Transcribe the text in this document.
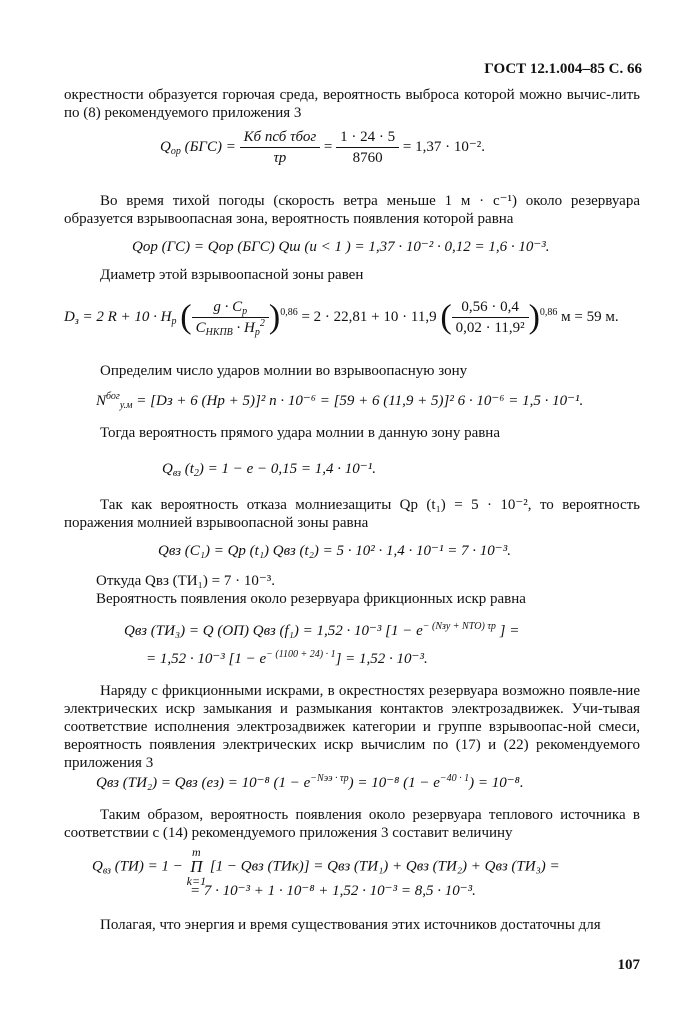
ГОСТ 12.1.004–85 С. 66
окрестности образуется горючая среда, вероятность выброса которой можно вычис-лить по (8) рекомендуемого приложения 3
$Q_{ор}$ $(БГС) = \frac{\text{Кб nсб τбог}}{\tau р} = \frac{1 \cdot 24 \cdot 5}{8760} = 1,37 \cdot 10^{-2}$.
Во время тихой погоды (скорость ветра меньше 1 м · с⁻¹) около резервуара образуется взрывоопасная зона, вероятность появления которой равна
Qор (ГС) = Qор (БГС) Qш (u < 1 ) = 1,37 · 10⁻² · 0,12 = 1,6 · 10⁻³.
Диаметр этой взрывоопасной зоны равен
$D_з = 2$ $R + 10 \cdot H_р$ ( $\frac{g \cdot C_р}{C_{НКПВ} \cdot H_р^2} )^{0,86} = 2 \cdot 22,81 + 10 \cdot 11,9$ ( $\frac{0,56 \cdot 0,4}{\text{0,02 · 11,9²}} )^{0,86}$ м = 59 м.
Определим число ударов молнии во взрывоопасную зону
$N^{бог}_{у.м} = [Dз + 6$ (Hр + 5)]² n · 10⁻⁶ = [59 + 6 (11,9 + 5)]² 6 · 10⁻⁶ = 1,5 · 10⁻¹.
Тогда вероятность прямого удара молнии в данную зону равна
$Q_{вз}$ $(t_2) = 1 - e - 0,15 = 1,4 \cdot 10^{-1}$.
Так как вероятность отказа молниезащиты Qp (t₁) = 5 · 10⁻², то вероятность поражения молнией взрывоопасной зоны равна
Qвз (C₁) = Qр (t₁) Qвз (t₂) = 5 · 10² · 1,4 · 10⁻¹ = 7 · 10⁻³.
Откуда Qвз (ТИ₁) = 7 · 10⁻³.
Вероятность появления около резервуара фрикционных искр равна
Qвз (ТИ₃) = Q (ОП) Qвз (f₁) = 1,52 · 10⁻³ [$1 - e^{- (Nзу + NТО) \tau р}$ ] =
= 1,52 · 10⁻³ $[1 - e^{- (1100 + 24) \cdot 1}] = 1,52 \cdot 10^{-3}$.
Наряду с фрикционными искрами, в окрестностях резервуара возможно появле-ние электрических искр замыкания и размыкания контактов электрозадвижек. Учи-тывая соответствие исполнения электрозадвижек категории и группе взрывоопас-ной смеси, вероятность появления электрических искр вычислим по (17) и (22) рекомендуемого приложения 3
Qвз (ТИ₂) = Qвз (eз) = 10⁻⁸ $(1 - e^{-Nээ \cdot \tau р}) = 10^{-8}$ $(1 - e^{-40 \cdot 1}) = 10^{-8}$.
Таким образом, вероятность появления около резервуара теплового источника в соответствии с (14) рекомендуемого приложения 3 составит величину
$Q_{вз}$ (ТИ) = 1 − m
Π
k=1 [1 − Qвз (ТИк)] = Qвз (ТИ₁) + Qвз (ТИ₂) + Qвз (ТИ₃) =
= 7 · 10⁻³ + 1 · 10⁻⁸ + 1,52 · 10⁻³ = 8,5 · 10⁻³.
Полагая, что энергия и время существования этих источников достаточны для
107
